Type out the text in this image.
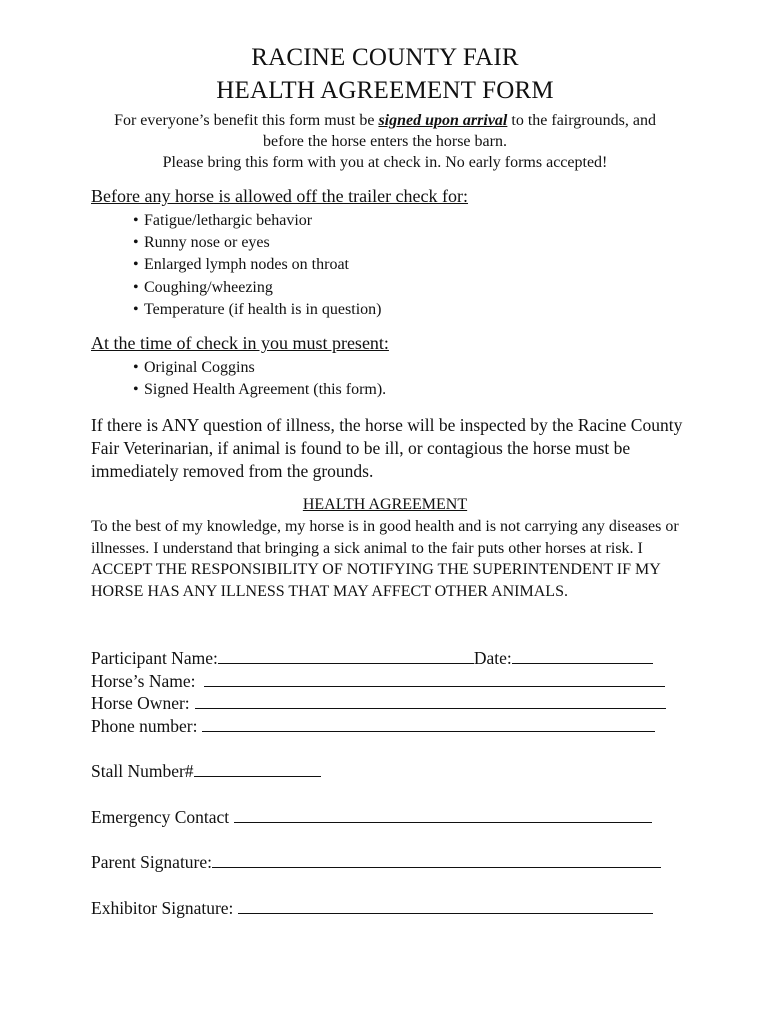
RACINE COUNTY FAIR
HEALTH AGREEMENT FORM
For everyone’s benefit this form must be signed upon arrival to the fairgrounds, and before the horse enters the horse barn.
Please bring this form with you at check in. No early forms accepted!
Before any horse is allowed off the trailer check for:
• Fatigue/lethargic behavior
• Runny nose or eyes
• Enlarged lymph nodes on throat
• Coughing/wheezing
• Temperature (if health is in question)
At the time of check in you must present:
• Original Coggins
• Signed Health Agreement (this form).
If there is ANY question of illness, the horse will be inspected by the Racine County Fair Veterinarian, if animal is found to be ill, or contagious the horse must be immediately removed from the grounds.
HEALTH AGREEMENT
To the best of my knowledge, my horse is in good health and is not carrying any diseases or illnesses. I understand that bringing a sick animal to the fair puts other horses at risk. I ACCEPT THE RESPONSIBILITY OF NOTIFYING THE SUPERINTENDENT IF MY HORSE HAS ANY ILLNESS THAT MAY AFFECT OTHER ANIMALS.
Participant Name:	Date:
Horse’s Name:
Horse Owner:
Phone number:
Stall Number#
Emergency Contact
Parent Signature:
Exhibitor Signature:
